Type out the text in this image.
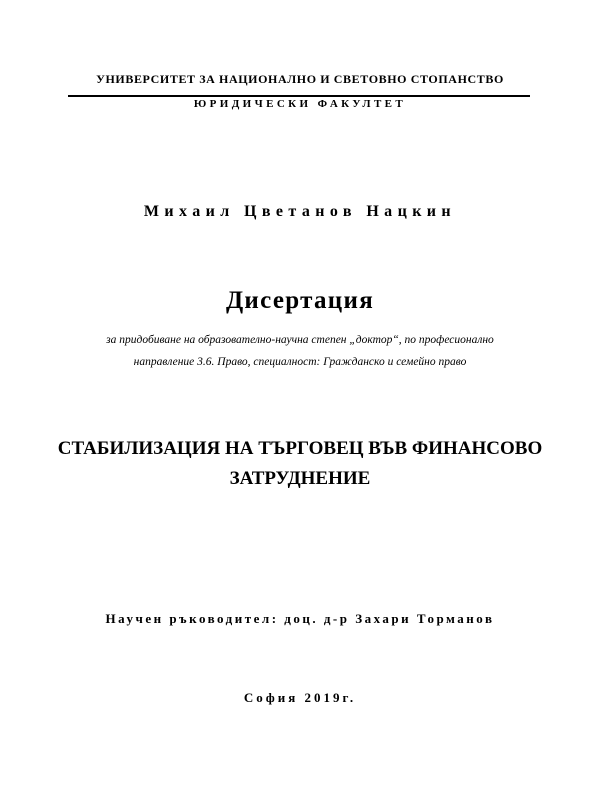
УНИВЕРСИТЕТ ЗА НАЦИОНАЛНО И СВЕТОВНО СТОПАНСТВО
ЮРИДИЧЕСКИ ФАКУЛТЕТ
Михаил Цветанов Нацкин
Дисертация
за придобиване на образователно-научна степен „доктор“, по професионално
направление 3.6. Право, специалност: Гражданско и семейно право
СТАБИЛИЗАЦИЯ НА ТЪРГОВЕЦ ВЪВ ФИНАНСОВО
ЗАТРУДНЕНИЕ
Научен ръководител: доц. д-р Захари Торманов
София 2019г.
